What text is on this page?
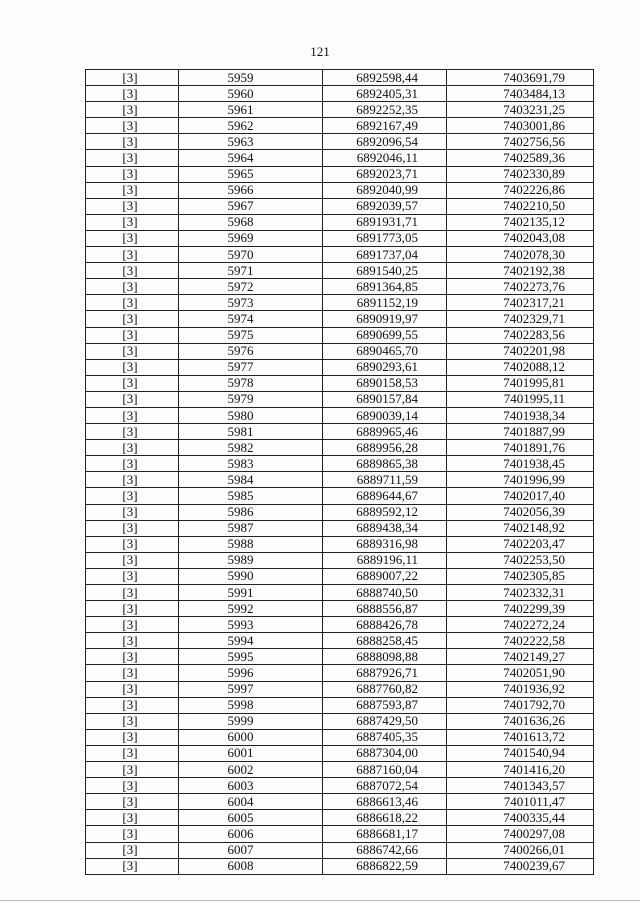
121
[3]	5959	6892598,44	7403691,79
[3]	5960	6892405,31	7403484,13
[3]	5961	6892252,35	7403231,25
[3]	5962	6892167,49	7403001,86
[3]	5963	6892096,54	7402756,56
[3]	5964	6892046,11	7402589,36
[3]	5965	6892023,71	7402330,89
[3]	5966	6892040,99	7402226,86
[3]	5967	6892039,57	7402210,50
[3]	5968	6891931,71	7402135,12
[3]	5969	6891773,05	7402043,08
[3]	5970	6891737,04	7402078,30
[3]	5971	6891540,25	7402192,38
[3]	5972	6891364,85	7402273,76
[3]	5973	6891152,19	7402317,21
[3]	5974	6890919,97	7402329,71
[3]	5975	6890699,55	7402283,56
[3]	5976	6890465,70	7402201,98
[3]	5977	6890293,61	7402088,12
[3]	5978	6890158,53	7401995,81
[3]	5979	6890157,84	7401995,11
[3]	5980	6890039,14	7401938,34
[3]	5981	6889965,46	7401887,99
[3]	5982	6889956,28	7401891,76
[3]	5983	6889865,38	7401938,45
[3]	5984	6889711,59	7401996,99
[3]	5985	6889644,67	7402017,40
[3]	5986	6889592,12	7402056,39
[3]	5987	6889438,34	7402148,92
[3]	5988	6889316,98	7402203,47
[3]	5989	6889196,11	7402253,50
[3]	5990	6889007,22	7402305,85
[3]	5991	6888740,50	7402332,31
[3]	5992	6888556,87	7402299,39
[3]	5993	6888426,78	7402272,24
[3]	5994	6888258,45	7402222,58
[3]	5995	6888098,88	7402149,27
[3]	5996	6887926,71	7402051,90
[3]	5997	6887760,82	7401936,92
[3]	5998	6887593,87	7401792,70
[3]	5999	6887429,50	7401636,26
[3]	6000	6887405,35	7401613,72
[3]	6001	6887304,00	7401540,94
[3]	6002	6887160,04	7401416,20
[3]	6003	6887072,54	7401343,57
[3]	6004	6886613,46	7401011,47
[3]	6005	6886618,22	7400335,44
[3]	6006	6886681,17	7400297,08
[3]	6007	6886742,66	7400266,01
[3]	6008	6886822,59	7400239,67
